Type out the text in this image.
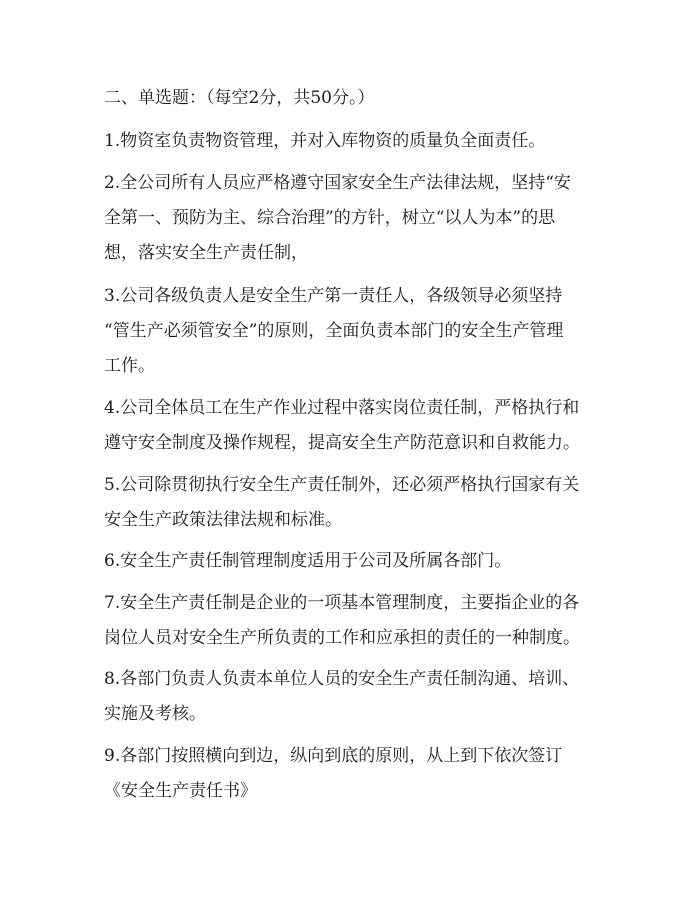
二、单选题：（每空2分，共50分。）
1.物资室负责物资管理，并对入库物资的质量负全面责任。
2.全公司所有人员应严格遵守国家安全生产法律法规，坚持“安
全第一、预防为主、综合治理”的方针，树立“以人为本”的思
想，落实安全生产责任制，
3.公司各级负责人是安全生产第一责任人，各级领导必须坚持
“管生产必须管安全”的原则，全面负责本部门的安全生产管理
工作。
4.公司全体员工在生产作业过程中落实岗位责任制，严格执行和
遵守安全制度及操作规程，提高安全生产防范意识和自救能力。
5.公司除贯彻执行安全生产责任制外，还必须严格执行国家有关
安全生产政策法律法规和标准。
6.安全生产责任制管理制度适用于公司及所属各部门。
7.安全生产责任制是企业的一项基本管理制度，主要指企业的各
岗位人员对安全生产所负责的工作和应承担的责任的一种制度。
8.各部门负责人负责本单位人员的安全生产责任制沟通、培训、
实施及考核。
9.各部门按照横向到边，纵向到底的原则，从上到下依次签订
《安全生产责任书》
